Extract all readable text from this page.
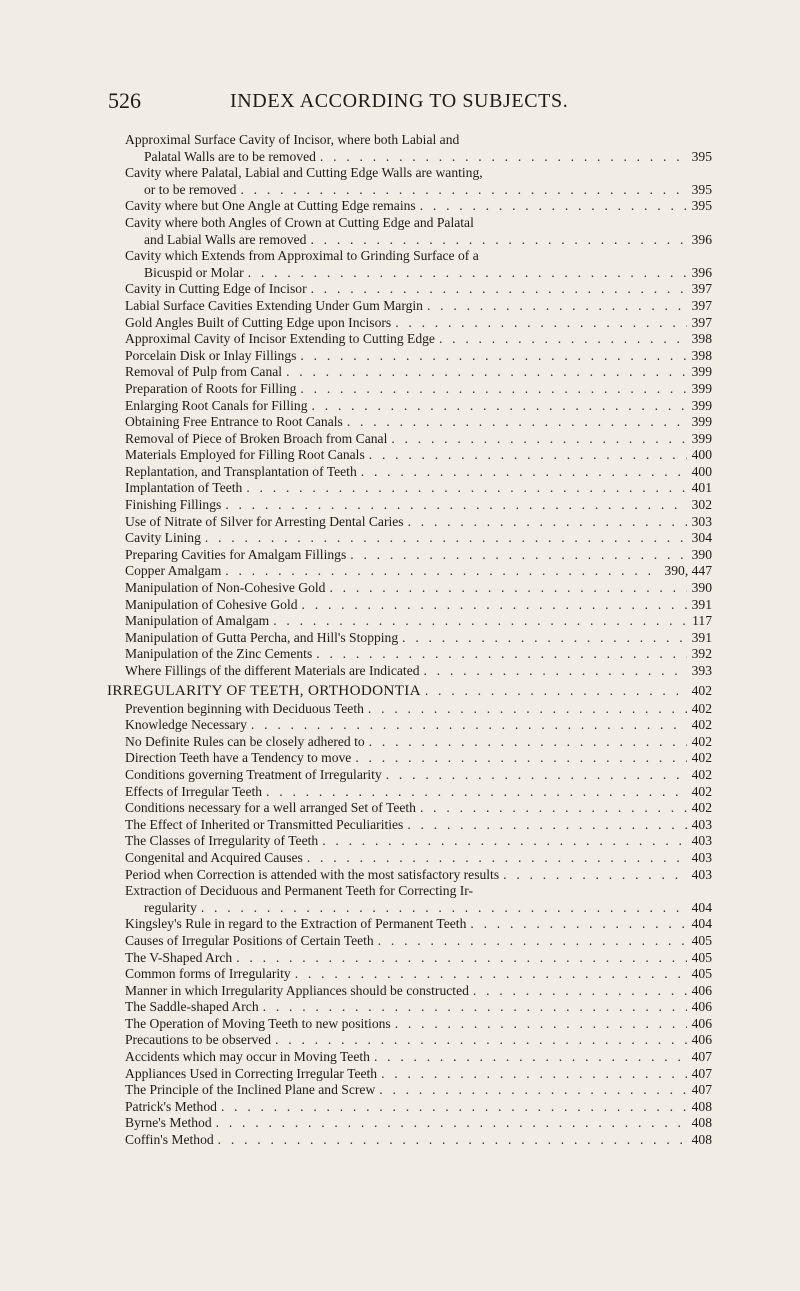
526	INDEX ACCORDING TO SUBJECTS.
Approximal Surface Cavity of Incisor, where both Labial and
Palatal Walls are to be removed . . .	395
Cavity where Palatal, Labial and Cutting Edge Walls are wanting,
or to be removed . . .	395
Cavity where but One Angle at Cutting Edge remains . . .	395
Cavity where both Angles of Crown at Cutting Edge and Palatal
and Labial Walls are removed . . .	396
Cavity which Extends from Approximal to Grinding Surface of a
Bicuspid or Molar . . .	396
Cavity in Cutting Edge of Incisor . . .	397
Labial Surface Cavities Extending Under Gum Margin . . .	397
Gold Angles Built of Cutting Edge upon Incisors . . .	397
Approximal Cavity of Incisor Extending to Cutting Edge . . .	398
Porcelain Disk or Inlay Fillings . . .	398
Removal of Pulp from Canal . . .	399
Preparation of Roots for Filling . . .	399
Enlarging Root Canals for Filling . . .	399
Obtaining Free Entrance to Root Canals . . .	399
Removal of Piece of Broken Broach from Canal . . .	399
Materials Employed for Filling Root Canals . . .	400
Replantation, and Transplantation of Teeth . . .	400
Implantation of Teeth . . .	401
Finishing Fillings . . .	302
Use of Nitrate of Silver for Arresting Dental Caries . . .	303
Cavity Lining . . .	304
Preparing Cavities for Amalgam Fillings . . .	390
Copper Amalgam . . .	390, 447
Manipulation of Non-Cohesive Gold . . .	390
Manipulation of Cohesive Gold . . .	391
Manipulation of Amalgam . . .	117
Manipulation of Gutta Percha, and Hill's Stopping . . .	391
Manipulation of the Zinc Cements . . .	392
Where Fillings of the different Materials are Indicated . . .	393
IRREGULARITY OF TEETH, ORTHODONTIA . . .	402
Prevention beginning with Deciduous Teeth . . .	402
Knowledge Necessary . . .	402
No Definite Rules can be closely adhered to . . .	402
Direction Teeth have a Tendency to move . . .	402
Conditions governing Treatment of Irregularity . . .	402
Effects of Irregular Teeth . . .	402
Conditions necessary for a well arranged Set of Teeth . . .	402
The Effect of Inherited or Transmitted Peculiarities . . .	403
The Classes of Irregularity of Teeth . . .	403
Congenital and Acquired Causes . . .	403
Period when Correction is attended with the most satisfactory results . . .	403
Extraction of Deciduous and Permanent Teeth for Correcting Ir-
regularity . . .	404
Kingsley's Rule in regard to the Extraction of Permanent Teeth . . .	404
Causes of Irregular Positions of Certain Teeth . . .	405
The V-Shaped Arch . . .	405
Common forms of Irregularity . . .	405
Manner in which Irregularity Appliances should be constructed . . .	406
The Saddle-shaped Arch . . .	406
The Operation of Moving Teeth to new positions . . .	406
Precautions to be observed . . .	406
Accidents which may occur in Moving Teeth . . .	407
Appliances Used in Correcting Irregular Teeth . . .	407
The Principle of the Inclined Plane and Screw . . .	407
Patrick's Method . . .	408
Byrne's Method . . .	408
Coffin's Method . . .	408
